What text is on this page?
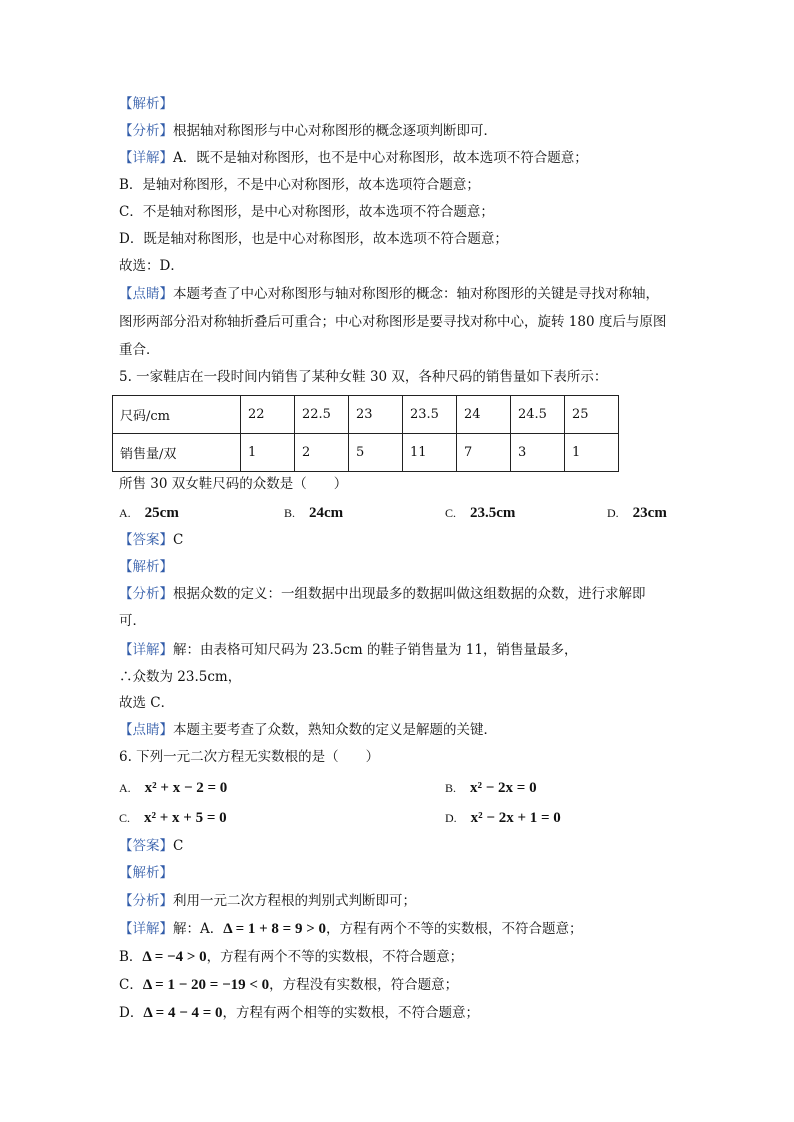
【解析】
【分析】根据轴对称图形与中心对称图形的概念逐项判断即可．
【详解】A．既不是轴对称图形，也不是中心对称图形，故本选项不符合题意；
B．是轴对称图形，不是中心对称图形，故本选项符合题意；
C．不是轴对称图形，是中心对称图形，故本选项不符合题意；
D．既是轴对称图形，也是中心对称图形，故本选项不符合题意；
故选：D．
【点睛】本题考查了中心对称图形与轴对称图形的概念：轴对称图形的关键是寻找对称轴，
图形两部分沿对称轴折叠后可重合；中心对称图形是要寻找对称中心，旋转 180 度后与原图
重合．
5. 一家鞋店在一段时间内销售了某种女鞋 30 双，各种尺码的销售量如下表所示：
尺码/cm	22	22.5	23	23.5	24	24.5	25
销售量/双	1	2	5	11	7	3	1
所售 30 双女鞋尺码的众数是（　　）
A. 25cm	B. 24cm	C. 23.5cm	D. 23cm
【答案】C
【解析】
【分析】根据众数的定义：一组数据中出现最多的数据叫做这组数据的众数，进行求解即
可．
【详解】解：由表格可知尺码为 23.5cm 的鞋子销售量为 11，销售量最多，
∴众数为 23.5cm，
故选 C．
【点睛】本题主要考查了众数，熟知众数的定义是解题的关键．
6. 下列一元二次方程无实数根的是（　　）
A. x² + x − 2 = 0	B. x² − 2x = 0
C. x² + x + 5 = 0	D. x² − 2x + 1 = 0
【答案】C
【解析】
【分析】利用一元二次方程根的判别式判断即可；
【详解】解：A．Δ = 1 + 8 = 9 > 0，方程有两个不等的实数根，不符合题意；
B．Δ = −4 > 0，方程有两个不等的实数根，不符合题意；
C．Δ = 1 − 20 = −19 < 0，方程没有实数根，符合题意；
D．Δ = 4 − 4 = 0，方程有两个相等的实数根，不符合题意；
